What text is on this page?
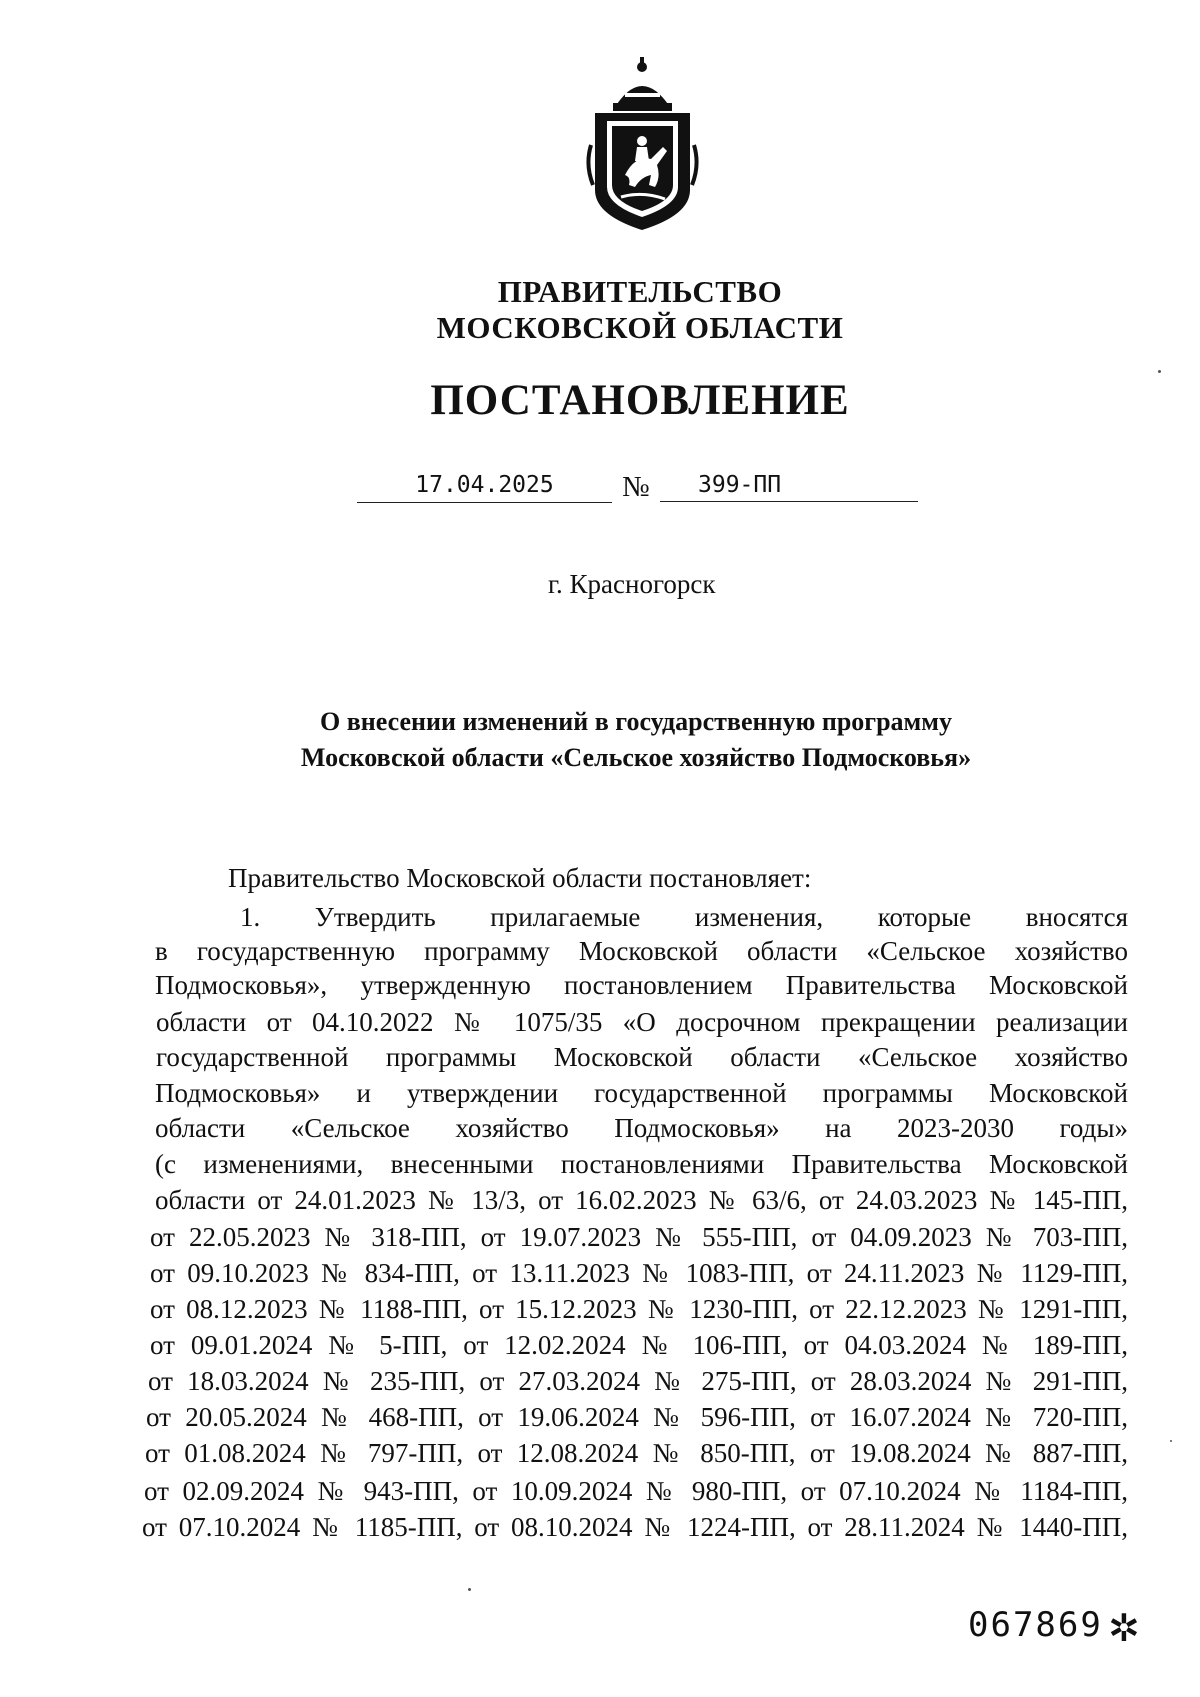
ПРАВИТЕЛЬСТВО
МОСКОВСКОЙ ОБЛАСТИ
ПОСТАНОВЛЕНИЕ
17.04.2025	№	399-ПП
г. Красногорск
О внесении изменений в государственную программу
Московской области «Сельское хозяйство Подмосковья»
Правительство Московской области постановляет:
1. Утвердить прилагаемые изменения, которые вносятся
в государственную программу Московской области «Сельское хозяйство
Подмосковья», утвержденную постановлением Правительства Московской
области от 04.10.2022 № 1075/35 «О досрочном прекращении реализации
государственной программы Московской области «Сельское хозяйство
Подмосковья» и утверждении государственной программы Московской
области «Сельское хозяйство Подмосковья» на 2023-2030 годы»
(с изменениями, внесенными постановлениями Правительства Московской
области от 24.01.2023 № 13/3, от 16.02.2023 № 63/6, от 24.03.2023 № 145-ПП,
от 22.05.2023 № 318-ПП, от 19.07.2023 № 555-ПП, от 04.09.2023 № 703-ПП,
от 09.10.2023 № 834-ПП, от 13.11.2023 № 1083-ПП, от 24.11.2023 № 1129-ПП,
от 08.12.2023 № 1188-ПП, от 15.12.2023 № 1230-ПП, от 22.12.2023 № 1291-ПП,
от 09.01.2024 № 5-ПП, от 12.02.2024 № 106-ПП, от 04.03.2024 № 189-ПП,
от 18.03.2024 № 235-ПП, от 27.03.2024 № 275-ПП, от 28.03.2024 № 291-ПП,
от 20.05.2024 № 468-ПП, от 19.06.2024 № 596-ПП, от 16.07.2024 № 720-ПП,
от 01.08.2024 № 797-ПП, от 12.08.2024 № 850-ПП, от 19.08.2024 № 887-ПП,
от 02.09.2024 № 943-ПП, от 10.09.2024 № 980-ПП, от 07.10.2024 № 1184-ПП,
от 07.10.2024 № 1185-ПП, от 08.10.2024 № 1224-ПП, от 28.11.2024 № 1440-ПП,
067869 ✲
